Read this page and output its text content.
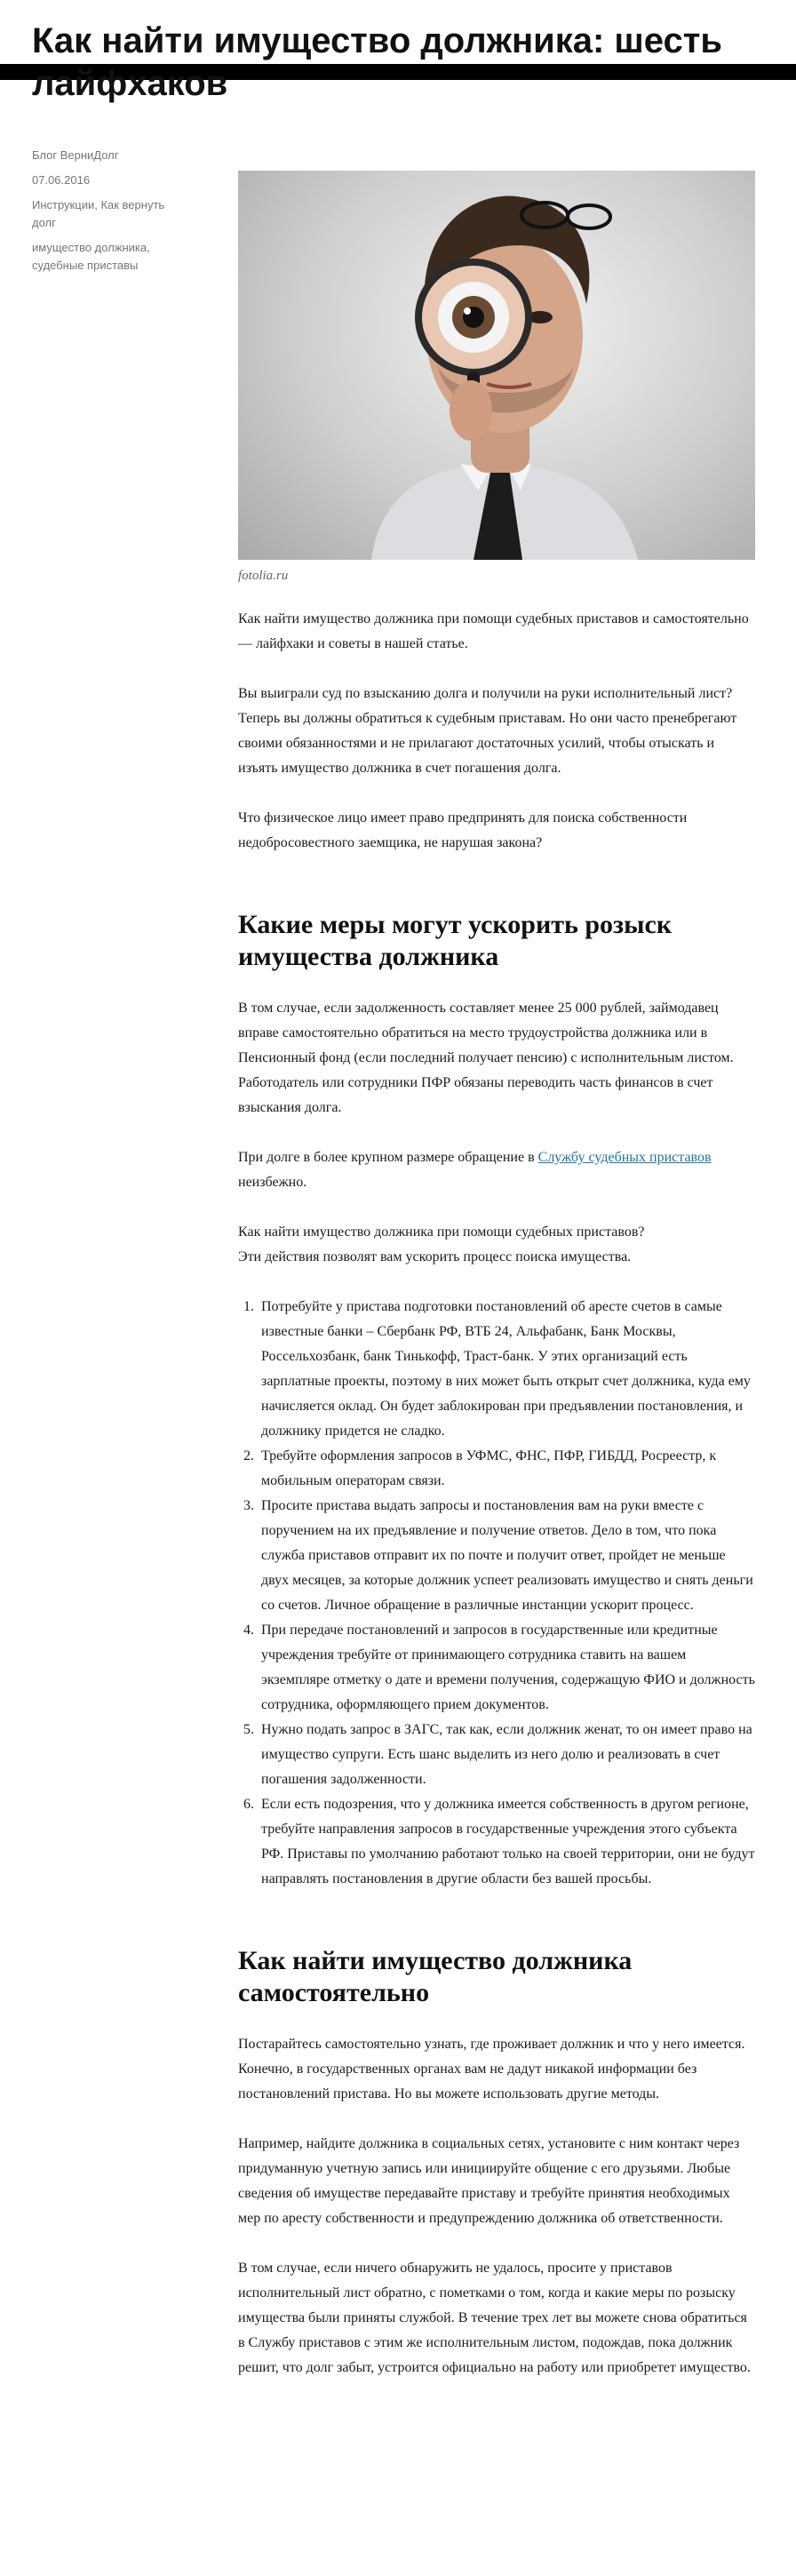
Как найти имущество должника: шесть лайфхаков
Блог ВерниДолг
07.06.2016
Инструкции, Как вернуть долг
имущество должника, судебные приставы
fotolia.ru

Как найти имущество должника при помощи судебных приставов и самостоятельно — лайфхаки и советы в нашей статье.

Вы выиграли суд по взысканию долга и получили на руки исполнительный лист? Теперь вы должны обратиться к судебным приставам. Но они часто пренебрегают своими обязанностями и не прилагают достаточных усилий, чтобы отыскать и изъять имущество должника в счет погашения долга.

Что физическое лицо имеет право предпринять для поиска собственности недобросовестного заемщика, не нарушая закона?

Какие меры могут ускорить розыск имущества должника

В том случае, если задолженность составляет менее 25 000 рублей, займодавец вправе самостоятельно обратиться на место трудоустройства должника или в Пенсионный фонд (если последний получает пенсию) с исполнительным листом. Работодатель или сотрудники ПФР обязаны переводить часть финансов в счет взыскания долга.

При долге в более крупном размере обращение в Службу судебных приставов неизбежно.

Как найти имущество должника при помощи судебных приставов?
Эти действия позволят вам ускорить процесс поиска имущества.

1. Потребуйте у пристава подготовки постановлений об аресте счетов в самые известные банки – Сбербанк РФ, ВТБ 24, Альфабанк, Банк Москвы, Россельхозбанк, банк Тинькофф, Траст-банк. У этих организаций есть зарплатные проекты, поэтому в них может быть открыт счет должника, куда ему начисляется оклад. Он будет заблокирован при предъявлении постановления, и должнику придется не сладко.
2. Требуйте оформления запросов в УФМС, ФНС, ПФР, ГИБДД, Росреестр, к мобильным операторам связи.
3. Просите пристава выдать запросы и постановления вам на руки вместе с поручением на их предъявление и получение ответов. Дело в том, что пока служба приставов отправит их по почте и получит ответ, пройдет не меньше двух месяцев, за которые должник успеет реализовать имущество и снять деньги со счетов. Личное обращение в различные инстанции ускорит процесс.
4. При передаче постановлений и запросов в государственные или кредитные учреждения требуйте от принимающего сотрудника ставить на вашем экземпляре отметку о дате и времени получения, содержащую ФИО и должность сотрудника, оформляющего прием документов.
5. Нужно подать запрос в ЗАГС, так как, если должник женат, то он имеет право на имущество супруги. Есть шанс выделить из него долю и реализовать в счет погашения задолженности.
6. Если есть подозрения, что у должника имеется собственность в другом регионе, требуйте направления запросов в государственные учреждения этого субъекта РФ. Приставы по умолчанию работают только на своей территории, они не будут направлять постановления в другие области без вашей просьбы.
Как найти имущество должника самостоятельно

Постарайтесь самостоятельно узнать, где проживает должник и что у него имеется. Конечно, в государственных органах вам не дадут никакой информации без постановлений пристава. Но вы можете использовать другие методы.

Например, найдите должника в социальных сетях, установите с ним контакт через придуманную учетную запись или инициируйте общение с его друзьями. Любые сведения об имуществе передавайте приставу и требуйте принятия необходимых мер по аресту собственности и предупреждению должника об ответственности.

В том случае, если ничего обнаружить не удалось, просите у приставов исполнительный лист обратно, с пометками о том, когда и какие меры по розыску имущества были приняты службой. В течение трех лет вы можете снова обратиться в Службу приставов с этим же исполнительным листом, подождав, пока должник решит, что долг забыт, устроится официально на работу или приобретет имущество.
